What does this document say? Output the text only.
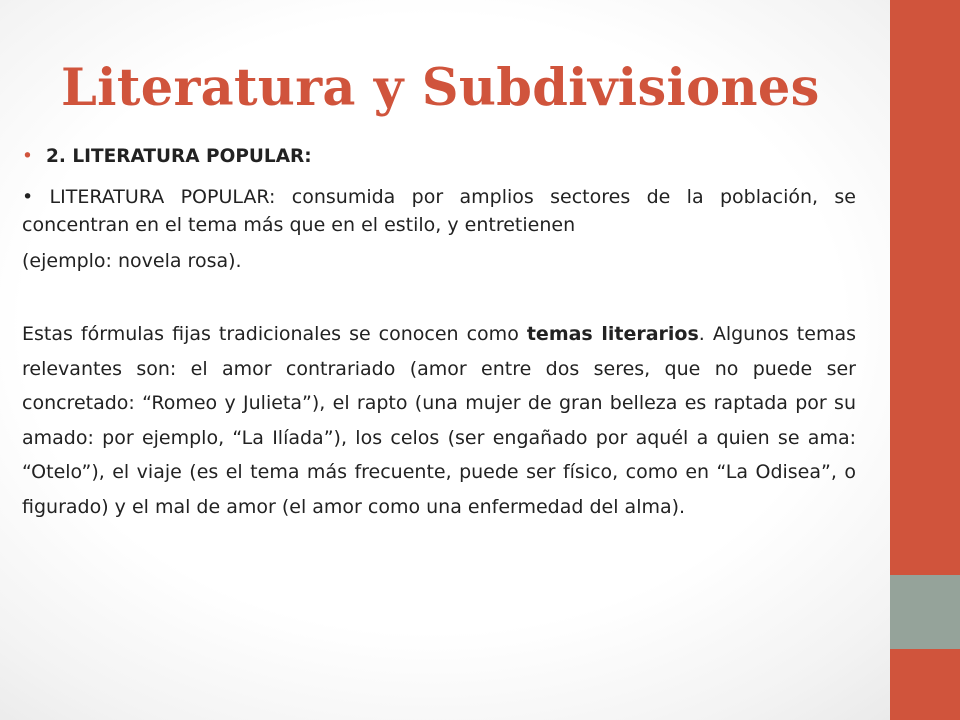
Literatura y Subdivisiones

• 2. LITERATURA POPULAR:

• LITERATURA POPULAR: consumida por amplios sectores de la población, se concentran en el tema más que en el estilo, y entretienen

(ejemplo: novela rosa).

Estas fórmulas fijas tradicionales se conocen como temas literarios. Algunos temas relevantes son: el amor contrariado (amor entre dos seres, que no puede ser concretado: “Romeo y Julieta”), el rapto (una mujer de gran belleza es raptada por su amado: por ejemplo, “La Ilíada”), los celos (ser engañado por aquél a quien se ama: “Otelo”), el viaje (es el tema más frecuente, puede ser físico, como en “La Odisea”, o figurado) y el mal de amor (el amor como una enfermedad del alma).
